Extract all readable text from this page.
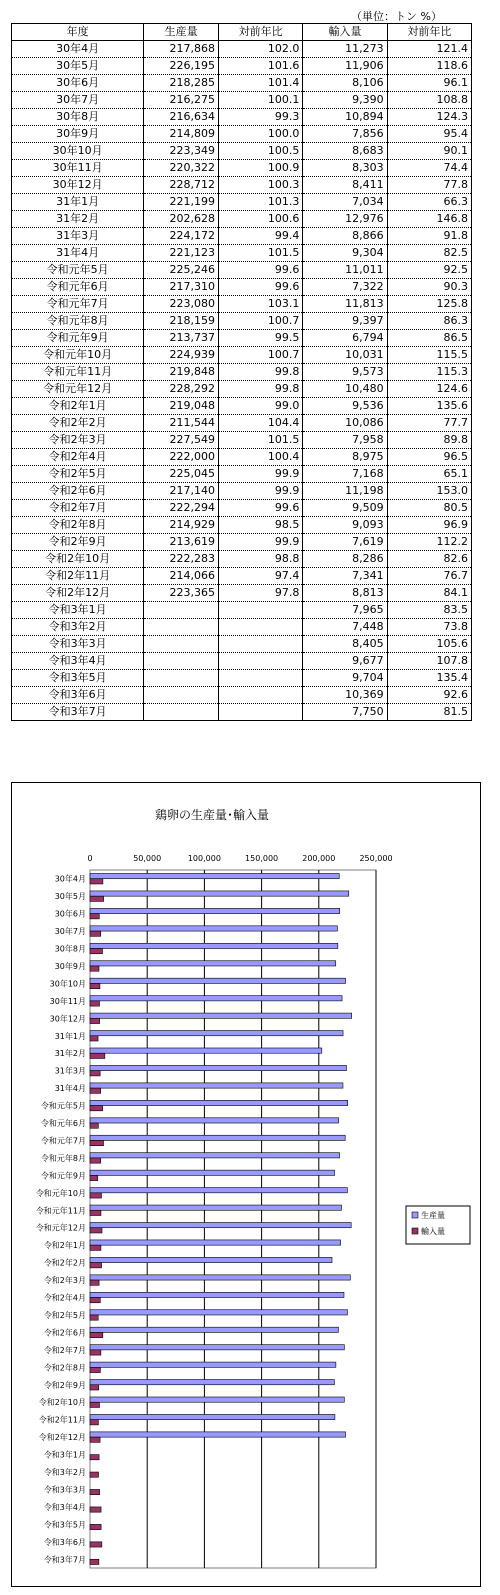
（単位：トン %）
年度	生産量	対前年比	輸入量	対前年比
30年4月	217,868	102.0	11,273	121.4
30年5月	226,195	101.6	11,906	118.6
30年6月	218,285	101.4	8,106	96.1
30年7月	216,275	100.1	9,390	108.8
30年8月	216,634	99.3	10,894	124.3
30年9月	214,809	100.0	7,856	95.4
30年10月	223,349	100.5	8,683	90.1
30年11月	220,322	100.9	8,303	74.4
30年12月	228,712	100.3	8,411	77.8
31年1月	221,199	101.3	7,034	66.3
31年2月	202,628	100.6	12,976	146.8
31年3月	224,172	99.4	8,866	91.8
31年4月	221,123	101.5	9,304	82.5
令和元年5月	225,246	99.6	11,011	92.5
令和元年6月	217,310	99.6	7,322	90.3
令和元年7月	223,080	103.1	11,813	125.8
令和元年8月	218,159	100.7	9,397	86.3
令和元年9月	213,737	99.5	6,794	86.5
令和元年10月	224,939	100.7	10,031	115.5
令和元年11月	219,848	99.8	9,573	115.3
令和元年12月	228,292	99.8	10,480	124.6
令和2年1月	219,048	99.0	9,536	135.6
令和2年2月	211,544	104.4	10,086	77.7
令和2年3月	227,549	101.5	7,958	89.8
令和2年4月	222,000	100.4	8,975	96.5
令和2年5月	225,045	99.9	7,168	65.1
令和2年6月	217,140	99.9	11,198	153.0
令和2年7月	222,294	99.6	9,509	80.5
令和2年8月	214,929	98.5	9,093	96.9
令和2年9月	213,619	99.9	7,619	112.2
令和2年10月	222,283	98.8	8,286	82.6
令和2年11月	214,066	97.4	7,341	76.7
令和2年12月	223,365	97.8	8,813	84.1
令和3年1月			7,965	83.5
令和3年2月			7,448	73.8
令和3年3月			8,405	105.6
令和3年4月			9,677	107.8
令和3年5月			9,704	135.4
令和3年6月			10,369	92.6
令和3年7月			7,750	81.5
鶏卵の生産量･輸入量
0	50,000	100,000	150,000	200,000	250,000
30年4月
30年5月
30年6月
30年7月
30年8月
30年9月
30年10月
30年11月
30年12月
31年1月
31年2月
31年3月
31年4月
令和元年5月
令和元年6月
令和元年7月
令和元年8月
令和元年9月
令和元年10月
令和元年11月
令和元年12月
令和2年1月
令和2年2月
令和2年3月
令和2年4月
令和2年5月
令和2年6月
令和2年7月
令和2年8月
令和2年9月
令和2年10月
令和2年11月
令和2年12月
令和3年1月
令和3年2月
令和3年3月
令和3年4月
令和3年5月
令和3年6月
令和3年7月
生産量
輸入量
